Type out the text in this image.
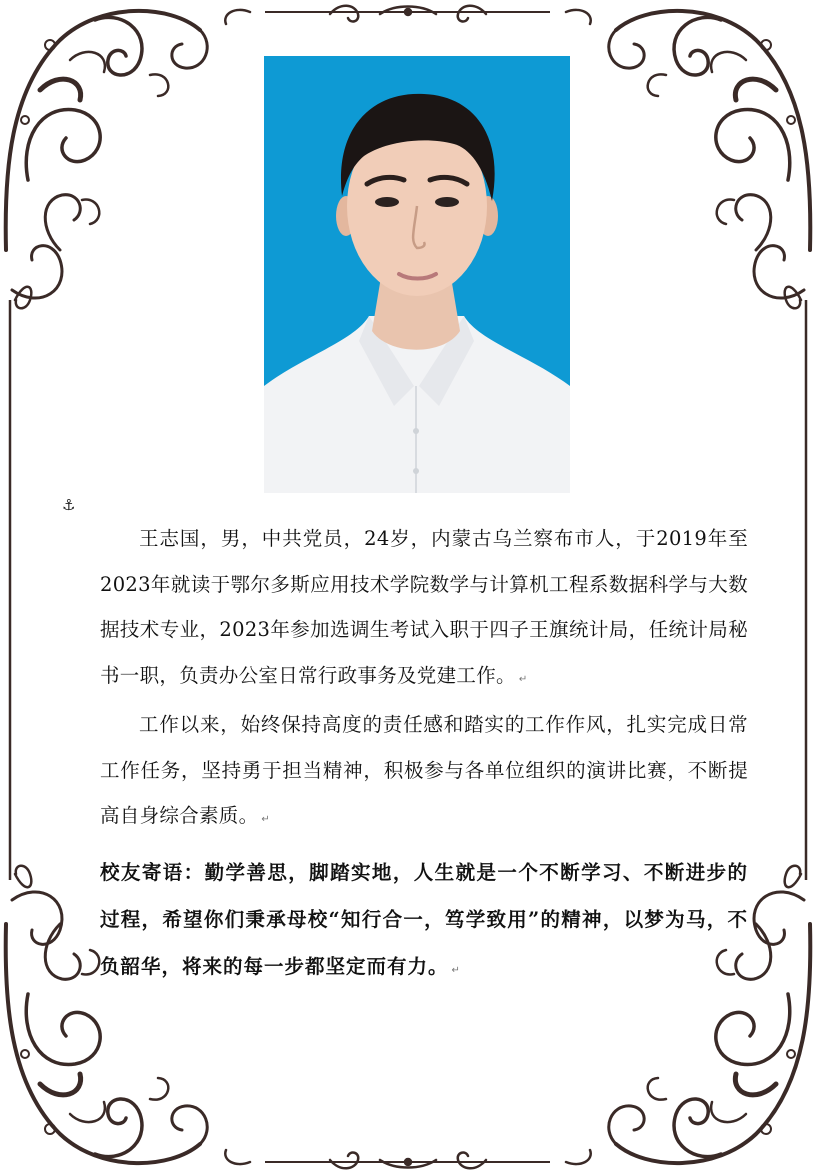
⚓

王志国，男，中共党员，24岁，内蒙古乌兰察布市人，于2019年至2023年就读于鄂尔多斯应用技术学院数学与计算机工程系数据科学与大数据技术专业，2023年参加选调生考试入职于四子王旗统计局，任统计局秘书一职，负责办公室日常行政事务及党建工作。 ↵

工作以来，始终保持高度的责任感和踏实的工作作风，扎实完成日常工作任务，坚持勇于担当精神，积极参与各单位组织的演讲比赛，不断提高自身综合素质。 ↵

校友寄语：勤学善思，脚踏实地，人生就是一个不断学习、不断进步的过程，希望你们秉承母校“知行合一，笃学致用”的精神，以梦为马，不负韶华，将来的每一步都坚定而有力。 ↵
